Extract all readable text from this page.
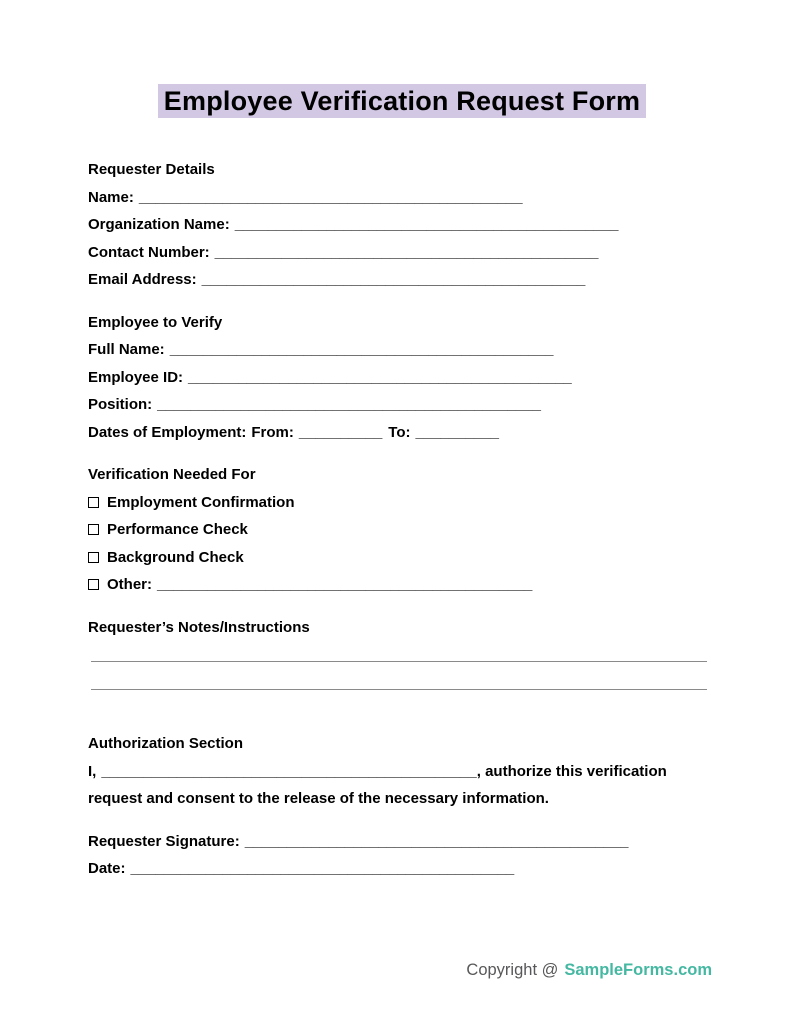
Employee Verification Request Form
Requester Details
Name: ______________________________________________
Organization Name: ______________________________________________
Contact Number: ______________________________________________
Email Address: ______________________________________________
Employee to Verify
Full Name: ______________________________________________
Employee ID: ______________________________________________
Position: ______________________________________________
Dates of Employment: From: __________ To: __________
Verification Needed For
Employment Confirmation
Performance Check
Background Check
Other: _____________________________________________
Requester’s Notes/Instructions
Authorization Section

I, _____________________________________________, authorize this verification request and consent to the release of the necessary information.

Requester Signature: ______________________________________________
Date: ______________________________________________
Copyright @ SampleForms.com
